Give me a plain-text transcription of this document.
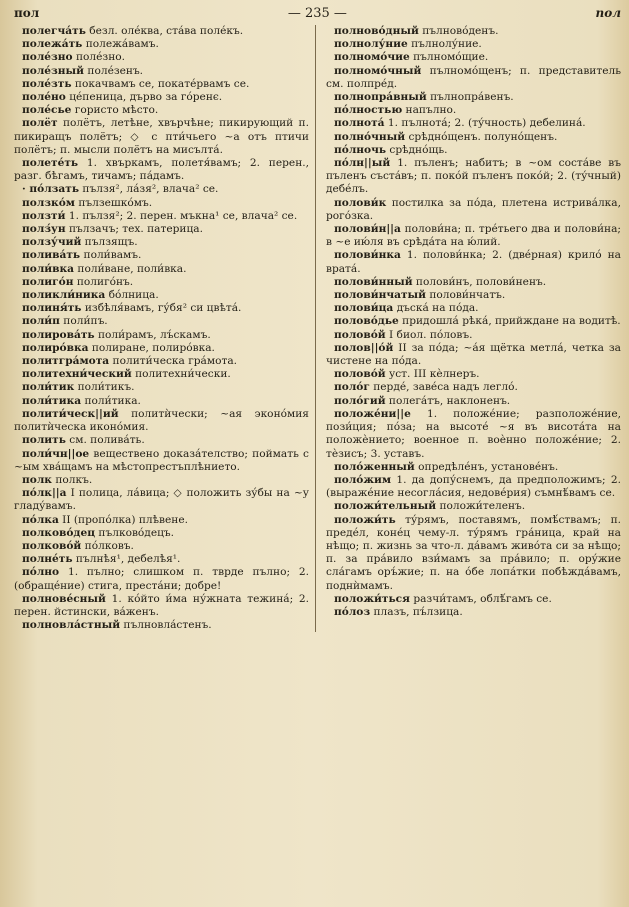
пол	— 235 —	пол
полегча́ть безл. оле́ква, ста́ва поле́къ.
полежа́ть полежа́вамъ.
поле́зно поле́зно.
поле́зный поле́зенъ.
поле́зть покачвамъ се, покате́рвамъ се.
поле́но це́пеница, дърво за го́ренє.
поле́сье гористо мѣсто.
полёт полётъ, летѣне, хвърчѣне; пикирующий п. пикиращъ полётъ; ◇ с пти́чьего ~а отъ птичи полётъ; п. мысли полётъ на мисълта́.
полете́ть 1. хвъркамъ, полетя́вамъ; 2. перен., разг. бѣгамъ, тичамъ; па́дамъ.
· по́лзать пълзя², ла́зя², влача² се.
ползко́м пълзешко́мъ.
ползти́ 1. пълзя²; 2. перен. мъкна¹ се, влача² се.
полз́ун пълзачъ; тех. патерица.
ползу́чий пълзящъ.
полива́ть поли́вамъ.
поли́вка поли́ване, поли́вка.
полиго́н полиго́нъ.
поликли́ника бо́лница.
полиня́ть избѣля́вамъ, гу́бя² си цвѣта́.
поли́п поли́пъ.
полирова́ть поли́рамъ, лъ́скамъ.
полиро́вка полиране, полиро́вка.
политгра́мота полити́ческа гра́мота.
политехни́ческий политехни́чески.
поли́тик поли́тикъ.
поли́тика поли́тика.
полити́ческ||ий политѝчески; ~ая эконо́мия политѝческа иконо́мия.
полить см. полива́ть.
поли́чн||ое веществено доказа́телство; поймать с ~ым хва́щамъ на мѣстопрестъплѣнието.
полк полкъ.
по́лк||а I полица, ла́вица; ◇ положить зу́бы на ~у гладу́вамъ.
по́лка II (пропо́лка) плѣвене.
полково́дец пълково́децъ.
полково́й по́лковъ.
полне́ть пълнѣя¹, дебелѣя¹.
по́лно 1. пълно; слишком п. тврде пълно; 2. (обраще́ние) стига, преста́ни; добре!
полнове́сный 1. ко́йто и́ма ну́жната тежина́; 2. перен. йстински, ва́женъ.
полновла́стный пълновла́стенъ.
полново́дный пълново́денъ.
полнолу́ние пълнолу́ние.
полномо́чие пълномо́щие.
полномо́чный пълномо́щенъ; п. представитель см. полпре́д.
полнопра́вный пълнопра́венъ.
по́лностью напълно.
полнота́ 1. пълнота́; 2. (ту́чность) дебелина́.
полно́чный срѣдно́щенъ. полуно́щенъ.
по́лночь срѣдно́щь.
по́лн||ый 1. пъленъ; набитъ; в ~ом соста́ве въ пъленъ съста́въ; п. поко́й пъленъ поко́й; 2. (ту́чный) дебе́лъ.
полови́к постилка за по́да, плетена истрива́лка, рого́зка.
полови́н||а полови́на; п. тре́тьего два и полови́на; в ~е ию́ля въ срѣда́та на ю́лий.
полови́нка 1. полови́нка; 2. (две́рная) крило́ на врата́.
полови́нный полови́нъ, полови́ненъ.
полови́нчатый полови́нчатъ.
полови́ца дъска́ на по́да.
полово́дье придошла́ рѣка́, прийждане на водитѣ.
полово́й I биол. по́ловъ.
полов||о́й II за по́да; ~а́я щётка метла́, четка за чистене на по́да.
полово́й уст. III кѐлнеръ.
поло́г перде́, заве́са надъ легло́.
поло́гий полега́тъ, наклоненъ.
положе́ни||е 1. положе́ние; разположе́ние, пози́ция; по́за; на высоте́ ~я въ висота́та на положѐнието; военное п. воѐнно положе́ние; 2. тѐзисъ; 3. уставъ.
поло́женный опредѣле́нъ, установе́нъ.
поло́жим 1. да допу́снемъ, да предположимъ; 2. (выраже́ние несогла́сия, недове́рия) съмнѣ́вамъ се.
положи́тельный положи́теленъ.
положи́ть ту́рямъ, поставямъ, помѣ́ствамъ; п. преде́л, коне́ц чему-л. ту́рямъ гра́ница, край на нѣщо; п. жизнь за что-л. да́вамъ живо́та си за нѣщо; п. за пра́вило взи́мамъ за пра́вило; п. ору́жие сла́гамъ оръ́жие; п. на о́бе лопа́тки побѣжда́вамъ, поднѝмамъ.
положи́ться разчи́тамъ, облѣ́гамъ се.
по́лоз плазъ, пъ́лзица.
